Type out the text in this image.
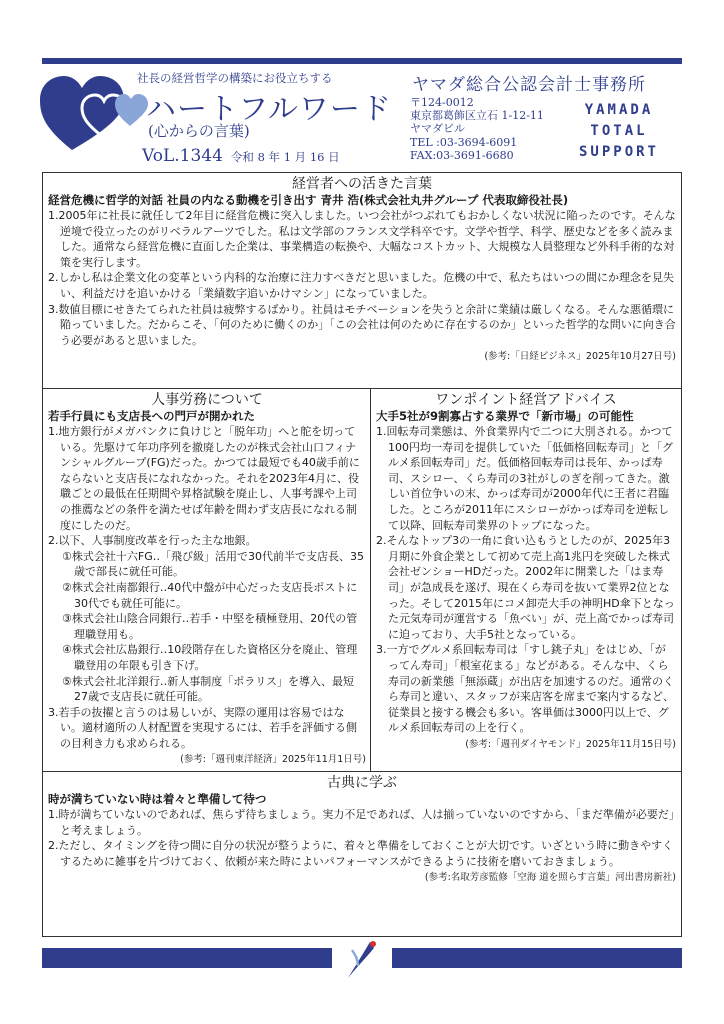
社長の経営哲学の構築にお役立ちする
ハートフルワード
(心からの言葉)
VoL.1344 令和 8 年 1 月 16 日
ヤマダ総合公認会計士事務所
〒124-0012
東京都葛飾区立石 1-12-11
ヤマダビル
TEL :03-3694-6091
FAX:03-3691-6680
YAMADA
TOTAL
SUPPORT
経営者への活きた言葉
経営危機に哲学的対話 社員の内なる動機を引き出す 青井 浩(株式会社丸井グループ 代表取締役社長)
1.2005年に社長に就任して2年目に経営危機に突入しました。いつ会社がつぶれてもおかしくない状況に陥ったのです。そんな逆境で役立ったのがリベラルアーツでした。私は文学部のフランス文学科卒です。文学や哲学、科学、歴史などを多く読みました。通常なら経営危機に直面した企業は、事業構造の転換や、大幅なコストカット、大規模な人員整理など外科手術的な対策を実行します。
2.しかし私は企業文化の変革という内科的な治療に注力すべきだと思いました。危機の中で、私たちはいつの間にか理念を見失い、利益だけを追いかける「業績数字追いかけマシン」になっていました。
3.数値目標にせきたてられた社員は疲弊するばかり。社員はモチベーションを失うと余計に業績は厳しくなる。そんな悪循環に陥っていました。だからこそ、「何のために働くのか」「この会社は何のために存在するのか」といった哲学的な問いに向き合う必要があると思いました。
(参考:「日経ビジネス」2025年10月27日号)
人事労務について
若手行員にも支店長への門戸が開かれた
1.地方銀行がメガバンクに負けじと「脱年功」へと舵を切っている。先駆けて年功序列を撤廃したのが株式会社山口フィナンシャルグループ(FG)だった。かつては最短でも40歳手前にならないと支店長になれなかった。それを2023年4月に、役職ごとの最低在任期間や昇格試験を廃止し、人事考課や上司の推薦などの条件を満たせば年齢を問わず支店長になれる制度にしたのだ。
2.以下、人事制度改革を行った主な地銀。
①株式会社十六FG‥「飛び級」活用で30代前半で支店長、35歳で部長に就任可能。
②株式会社南都銀行‥40代中盤が中心だった支店長ポストに30代でも就任可能に。
③株式会社山陰合同銀行‥若手・中堅を積極登用、20代の管理職登用も。
④株式会社広島銀行‥10段階存在した資格区分を廃止、管理職登用の年限も引き下げ。
⑤株式会社北洋銀行‥新人事制度「ポラリス」を導入、最短27歳で支店長に就任可能。
3.若手の抜擢と言うのは易しいが、実際の運用は容易ではない。適材適所の人材配置を実現するには、若手を評価する側の目利き力も求められる。
(参考:「週刊東洋経済」2025年11月1日号)
ワンポイント経営アドバイス
大手5社が9割寡占する業界で「新市場」の可能性
1.回転寿司業態は、外食業界内で二つに大別される。かつて100円均一寿司を提供していた「低価格回転寿司」と「グルメ系回転寿司」だ。低価格回転寿司は長年、かっぱ寿司、スシロー、くら寿司の3社がしのぎを削ってきた。激しい首位争いの末、かっぱ寿司が2000年代に王者に君臨した。ところが2011年にスシローがかっぱ寿司を逆転して以降、回転寿司業界のトップになった。
2.そんなトップ3の一角に食い込もうとしたのが、2025年3月期に外食企業として初めて売上高1兆円を突破した株式会社ゼンショーHDだった。2002年に開業した「はま寿司」が急成長を遂げ、現在くら寿司を抜いて業界2位となった。そして2015年にコメ卸売大手の神明HD傘下となった元気寿司が運営する「魚べい」が、売上高でかっぱ寿司に迫っており、大手5社となっている。
3.一方でグルメ系回転寿司は「すし銚子丸」をはじめ、「がってん寿司」「根室花まる」などがある。そんな中、くら寿司の新業態「無添蔵」が出店を加速するのだ。通常のくら寿司と違い、スタッフが来店客を席まで案内するなど、従業員と接する機会も多い。客単価は3000円以上で、グルメ系回転寿司の上を行く。
(参考:「週刊ダイヤモンド」2025年11月15日号)
古典に学ぶ
時が満ちていない時は着々と準備して待つ
1.時が満ちていないのであれば、焦らず待ちましょう。実力不足であれば、人は揃っていないのですから、「まだ準備が必要だ」と考えましょう。
2.ただし、タイミングを待つ間に自分の状況が整うように、着々と準備をしておくことが大切です。いざという時に動きやすくするために雑事を片づけておく、依頼が来た時によいパフォーマンスができるように技術を磨いておきましょう。
(参考:名取芳彦監修「空海 道を照らす言葉」河出書房新社)
